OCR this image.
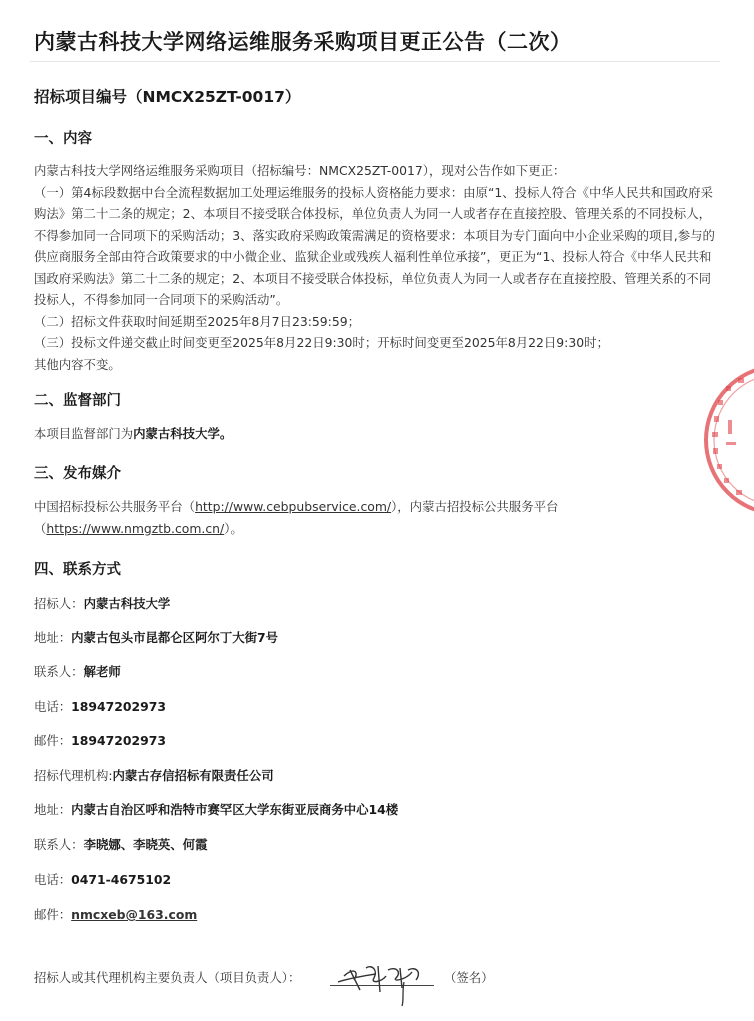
内蒙古科技大学网络运维服务采购项目更正公告（二次）
招标项目编号（NMCX25ZT-0017）
一、内容

内蒙古科技大学网络运维服务采购项目（招标编号：NMCX25ZT-0017），现对公告作如下更正：

（一）第4标段数据中台全流程数据加工处理运维服务的投标人资格能力要求：由原“1、投标人符合《中华人民共和国政府采购法》第二十二条的规定；2、本项目不接受联合体投标，单位负责人为同一人或者存在直接控股、管理关系的不同投标人，不得参加同一合同项下的采购活动；3、落实政府采购政策需满足的资格要求：本项目为专门面向中小企业采购的项目,参与的供应商服务全部由符合政策要求的中小微企业、监狱企业或残疾人福利性单位承接”，更正为“1、投标人符合《中华人民共和国政府采购法》第二十二条的规定；2、本项目不接受联合体投标，单位负责人为同一人或者存在直接控股、管理关系的不同投标人，不得参加同一合同项下的采购活动”。

（二）招标文件获取时间延期至2025年8月7日23:59:59；

（三）投标文件递交截止时间变更至2025年8月22日9:30时；开标时间变更至2025年8月22日9:30时；

其他内容不变。

二、监督部门
本项目监督部门为内蒙古科技大学。
三、发布媒介
中国招标投标公共服务平台（http://www.cebpubservice.com/），内蒙古招投标公共服务平台
（https://www.nmgztb.com.cn/）。
四、联系方式
招标人：内蒙古科技大学
地址：内蒙古包头市昆都仑区阿尔丁大街7号
联系人：解老师
电话：18947202973
邮件：18947202973
招标代理机构:内蒙古存信招标有限责任公司
地址：内蒙古自治区呼和浩特市赛罕区大学东街亚辰商务中心14楼
联系人：李晓娜、李晓英、何霞
电话：0471-4675102
邮件：nmcxeb@163.com
招标人或其代理机构主要负责人（项目负责人）：	（签名）
